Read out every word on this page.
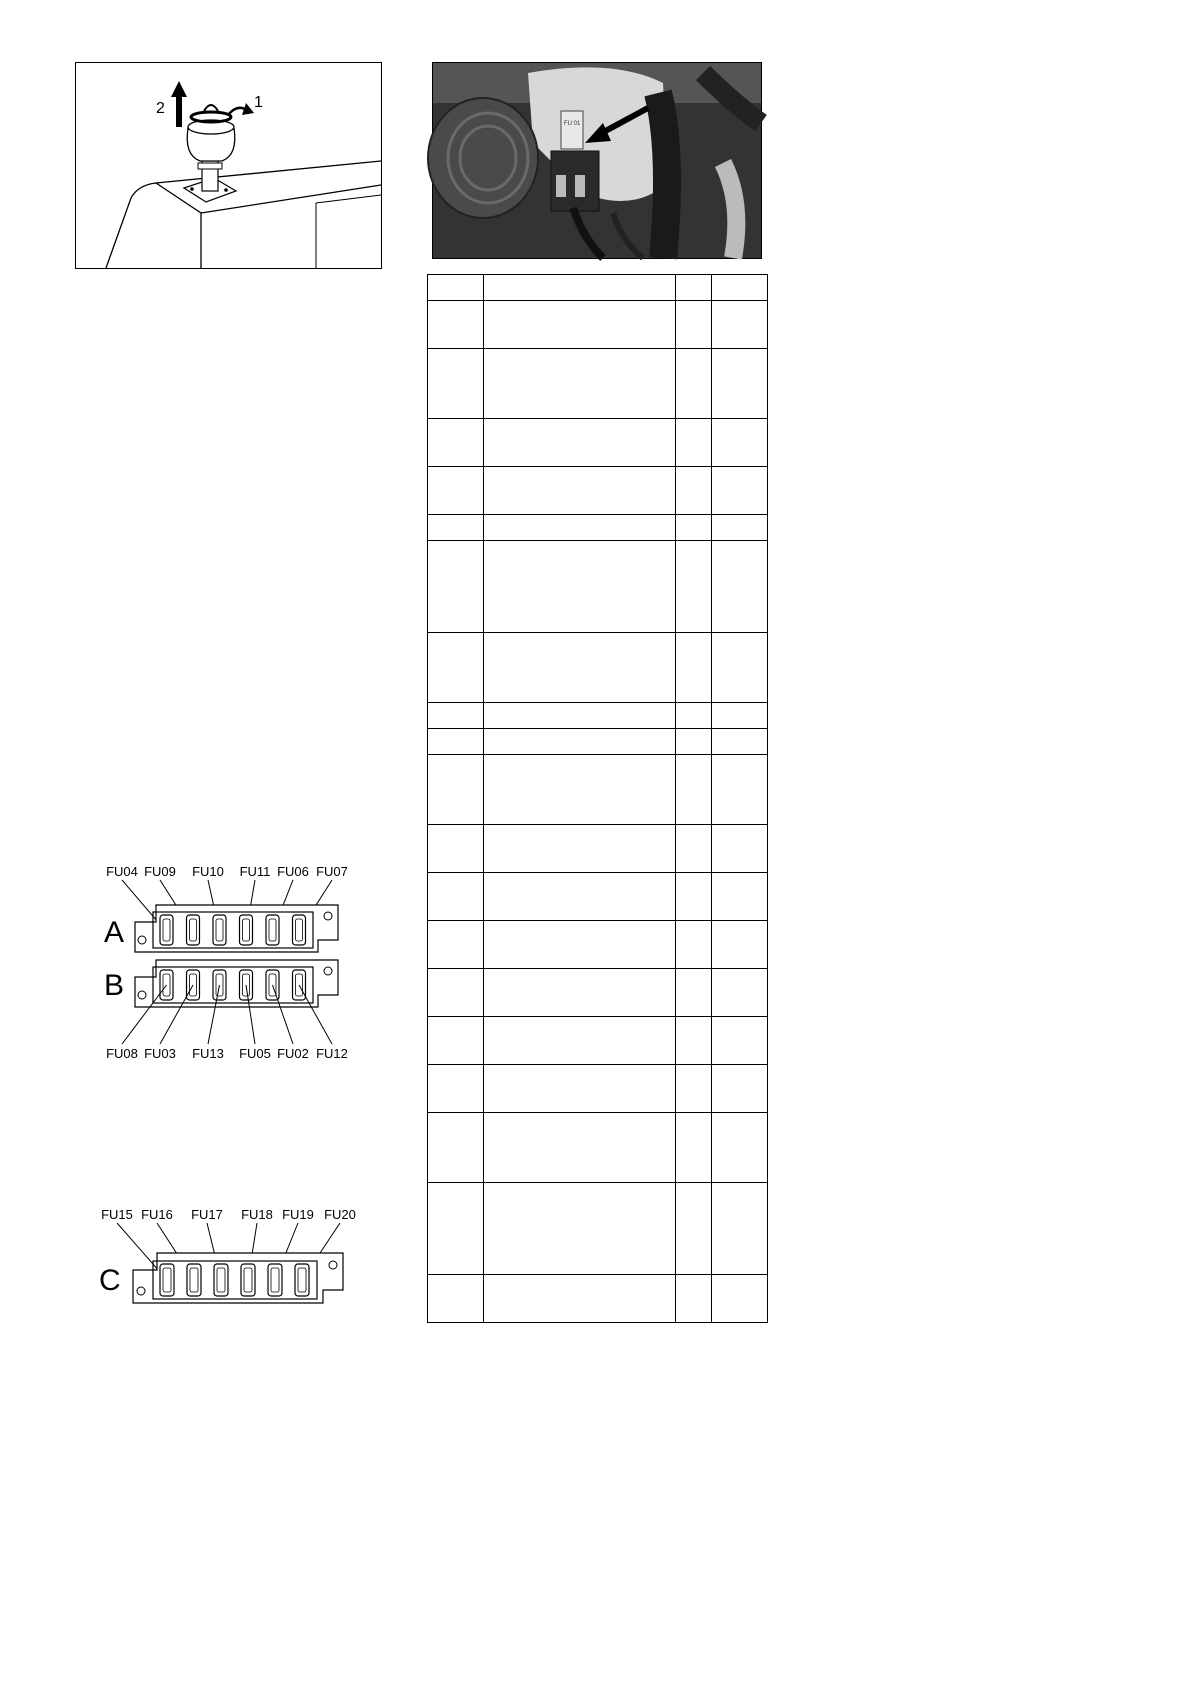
1
2
FU 01

FU04 FU09 FU10 FU11 FU06 FU07
A
B
FU08 FU03 FU13 FU05 FU02 FU12
FU15 FU16 FU17 FU18 FU19 FU20
C
